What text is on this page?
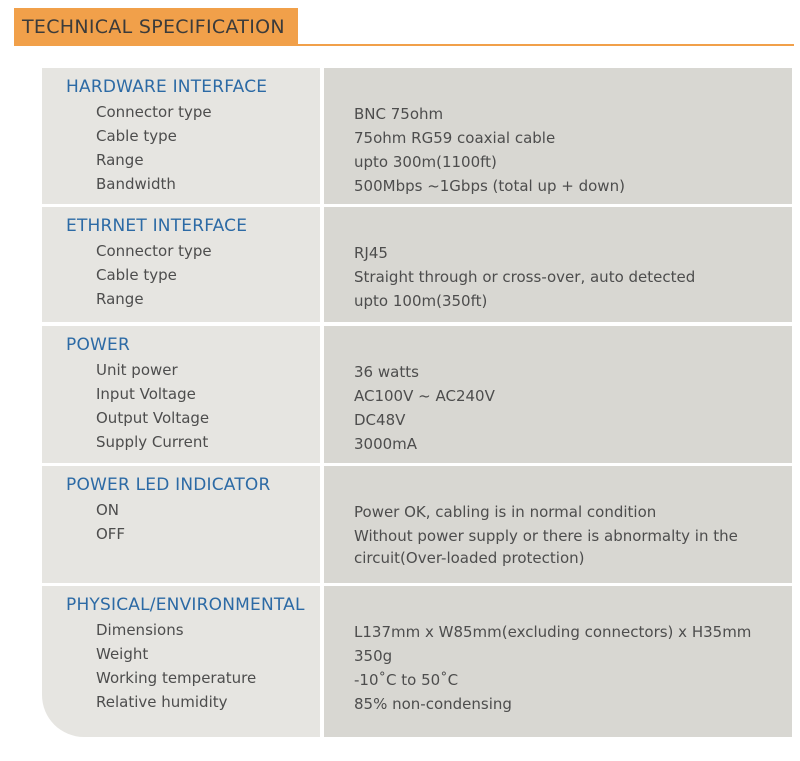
TECHNICAL SPECIFICATION
HARDWARE INTERFACE
Connector type	BNC 75ohm
Cable type	75ohm RG59 coaxial cable
Range	upto 300m(1100ft)
Bandwidth	500Mbps ~1Gbps (total up + down)
ETHRNET INTERFACE
Connector type	RJ45
Cable type	Straight through or cross-over, auto detected
Range	upto 100m(350ft)
POWER
Unit power	36 watts
Input Voltage	AC100V ~ AC240V
Output Voltage	DC48V
Supply Current	3000mA
POWER LED INDICATOR
ON	Power OK, cabling is in normal condition
OFF	Without power supply or there is abnormalty in the circuit(Over-loaded protection)
PHYSICAL/ENVIRONMENTAL
Dimensions	L137mm x W85mm(excluding connectors) x H35mm
Weight	350g
Working temperature	-10˚C to 50˚C
Relative humidity	85% non-condensing
